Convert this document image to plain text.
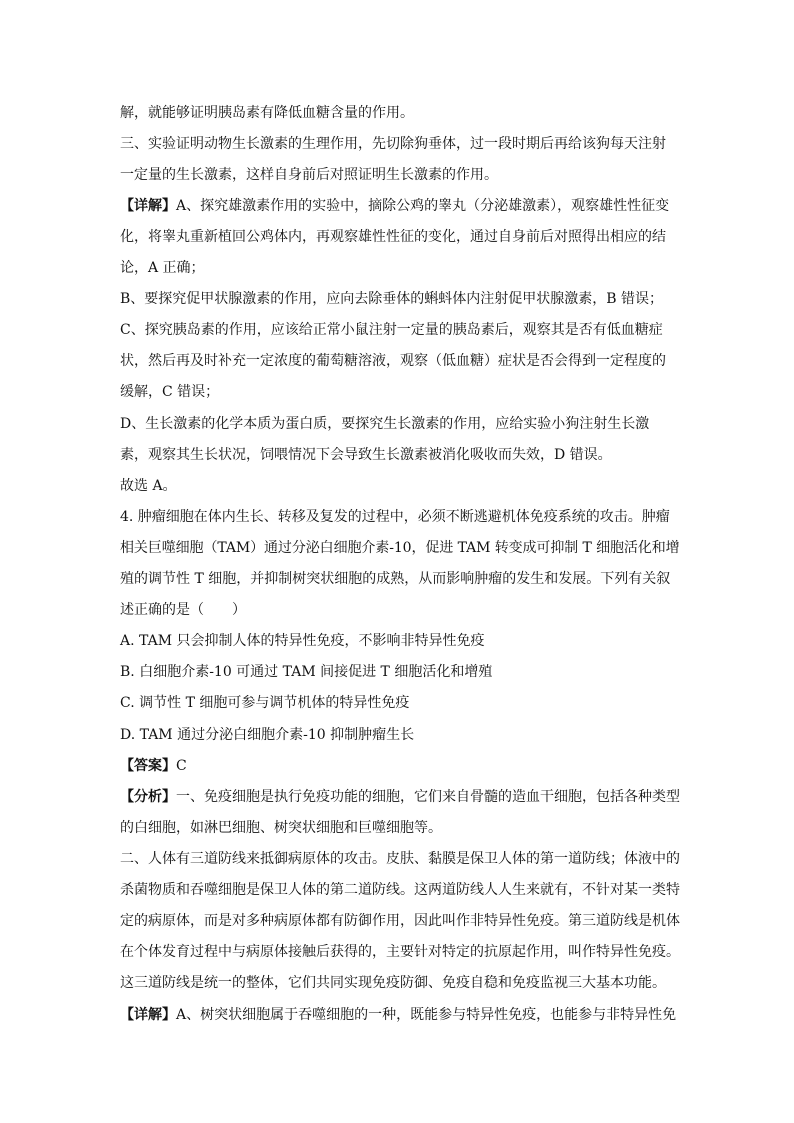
解，就能够证明胰岛素有降低血糖含量的作用。
三、实验证明动物生长激素的生理作用，先切除狗垂体，过一段时期后再给该狗每天注射
一定量的生长激素，这样自身前后对照证明生长激素的作用。
【详解】A、探究雄激素作用的实验中，摘除公鸡的睾丸（分泌雄激素），观察雄性性征变
化，将睾丸重新植回公鸡体内，再观察雄性性征的变化，通过自身前后对照得出相应的结
论，A 正确；
B、要探究促甲状腺激素的作用，应向去除垂体的蝌蚪体内注射促甲状腺激素，B 错误；
C、探究胰岛素的作用，应该给正常小鼠注射一定量的胰岛素后，观察其是否有低血糖症
状，然后再及时补充一定浓度的葡萄糖溶液，观察（低血糖）症状是否会得到一定程度的
缓解，C 错误；
D、生长激素的化学本质为蛋白质，要探究生长激素的作用，应给实验小狗注射生长激
素，观察其生长状况，饲喂情况下会导致生长激素被消化吸收而失效，D 错误。
故选 A。
4. 肿瘤细胞在体内生长、转移及复发的过程中，必须不断逃避机体免疫系统的攻击。肿瘤
相关巨噬细胞（TAM）通过分泌白细胞介素-10，促进 TAM 转变成可抑制 T 细胞活化和增
殖的调节性 T 细胞，并抑制树突状细胞的成熟，从而影响肿瘤的发生和发展。下列有关叙
述正确的是（　　）
A. TAM 只会抑制人体的特异性免疫，不影响非特异性免疫
B. 白细胞介素-10 可通过 TAM 间接促进 T 细胞活化和增殖
C. 调节性 T 细胞可参与调节机体的特异性免疫
D. TAM 通过分泌白细胞介素-10 抑制肿瘤生长
【答案】C
【分析】一、免疫细胞是执行免疫功能的细胞，它们来自骨髓的造血干细胞，包括各种类型
的白细胞，如淋巴细胞、树突状细胞和巨噬细胞等。
二、人体有三道防线来抵御病原体的攻击。皮肤、黏膜是保卫人体的第一道防线；体液中的
杀菌物质和吞噬细胞是保卫人体的第二道防线。这两道防线人人生来就有，不针对某一类特
定的病原体，而是对多种病原体都有防御作用，因此叫作非特异性免疫。第三道防线是机体
在个体发育过程中与病原体接触后获得的，主要针对特定的抗原起作用，叫作特异性免疫。
这三道防线是统一的整体，它们共同实现免疫防御、免疫自稳和免疫监视三大基本功能。
【详解】A、树突状细胞属于吞噬细胞的一种，既能参与特异性免疫，也能参与非特异性免
